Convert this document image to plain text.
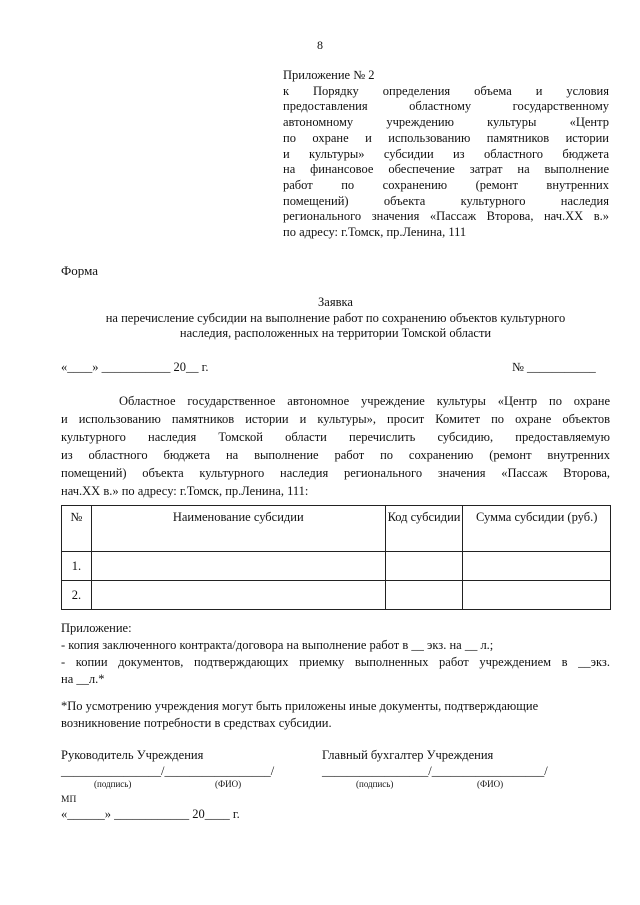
8
Приложение № 2
к Порядку определения объема и условия
предоставления областному государственному
автономному учреждению культуры «Центр
по охране и использованию памятников истории
и культуры» субсидии из областного бюджета
на финансовое обеспечение затрат на выполнение
работ по сохранению (ремонт внутренних
помещений) объекта культурного наследия
регионального значения «Пассаж Второва, нач.XX в.»
по адресу: г.Томск, пр.Ленина, 111
Форма
Заявка
на перечисление субсидии на выполнение работ по сохранению объектов культурного
наследия, расположенных на территории Томской области
«____» ___________ 20__ г.	№ ___________
Областное государственное автономное учреждение культуры «Центр по охране
и использованию памятников истории и культуры», просит Комитет по охране объектов
культурного наследия Томской области перечислить субсидию, предоставляемую
из областного бюджета на выполнение работ по сохранению (ремонт внутренних
помещений) объекта культурного наследия регионального значения «Пассаж Второва,
нач.XX в.» по адресу: г.Томск, пр.Ленина, 111:
№	Наименование субсидии	Код субсидии	Сумма субсидии (руб.)
1.			
2.			
Приложение:
- копия заключенного контракта/договора на выполнение работ в __ экз. на __ л.;
- копии документов, подтверждающих приемку выполненных работ учреждением в __экз.
на __л.*
*По усмотрению учреждения могут быть приложены иные документы, подтверждающие возникновение потребности в средствах субсидии.
Руководитель Учреждения	Главный бухгалтер Учреждения
________________/_________________/	_________________/__________________/
(подпись)	(ФИО)	(подпись)	(ФИО)
МП
«______» ____________ 20____ г.
